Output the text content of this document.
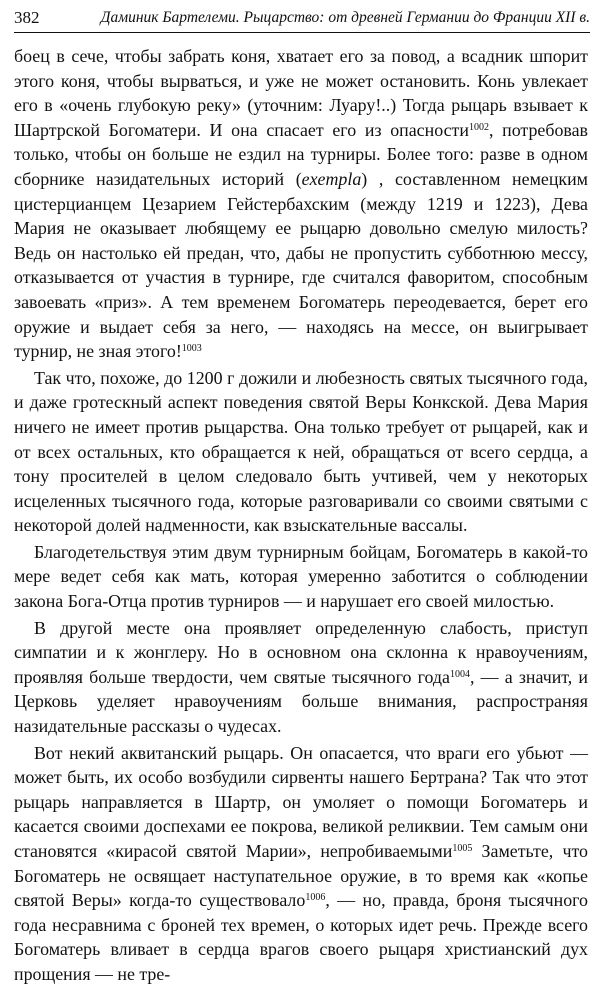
382	Даминик Бартелеми. Рыцарство: от древней Германии до Франции XII в.

боец в сече, чтобы забрать коня, хватает его за повод, а всадник шпорит этого коня, чтобы вырваться, и уже не может остановить. Конь увлекает его в «очень глубокую реку» (уточним: Луару!..) Тогда рыцарь взывает к Шартрской Богоматери. И она спасает его из опасности$^{1002}$, потребовав только, чтобы он больше не ездил на турниры. Более того: разве в одном сборнике назидательных историй (exempla) , составленном немецким цистерцианцем Цезарием Гейстербахским (между 1219 и 1223), Дева Мария не оказывает любящему ее рыцарю довольно смелую милость? Ведь он настолько ей предан, что, дабы не пропустить субботнюю мессу, отказывается от участия в турнире, где считался фаворитом, способным завоевать «приз». А тем временем Богоматерь переодевается, берет его оружие и выдает себя за него, — находясь на мессе, он выигрывает турнир, не зная этого!$^{1003}$

Так что, похоже, до 1200 г дожили и любезность святых тысячного года, и даже гротескный аспект поведения святой Веры Конкской. Дева Мария ничего не имеет против рыцарства. Она только требует от рыцарей, как и от всех остальных, кто обращается к ней, обращаться от всего сердца, а тону просителей в целом следовало быть учтивей, чем у некоторых исцеленных тысячного года, которые разговаривали со своими святыми с некоторой долей надменности, как взыскательные вассалы.

Благодетельствуя этим двум турнирным бойцам, Богоматерь в какой-то мере ведет себя как мать, которая умеренно заботится о соблюдении закона Бога-Отца против турниров — и нарушает его своей милостью.

В другой месте она проявляет определенную слабость, приступ симпатии и к жонглеру. Но в основном она склонна к нравоучениям, проявляя больше твердости, чем святые тысячного года$^{1004}$, — а значит, и Церковь уделяет нравоучениям больше внимания, распространяя назидательные рассказы о чудесах.

Вот некий аквитанский рыцарь. Он опасается, что враги его убьют — может быть, их особо возбудили сирвенты нашего Бертрана? Так что этот рыцарь направляется в Шартр, он умоляет о помощи Богоматерь и касается своими доспехами ее покрова, великой реликвии. Тем самым они становятся «кирасой святой Марии», непробиваемыми$^{1005}$ Заметьте, что Богоматерь не освящает наступательное оружие, в то время как «копье святой Веры» когда-то существовало$^{1006}$, — но, правда, броня тысячного года несравнима с броней тех времен, о которых идет речь. Прежде всего Богоматерь вливает в сердца врагов своего рыцаря христианский дух прощения — не тре-
